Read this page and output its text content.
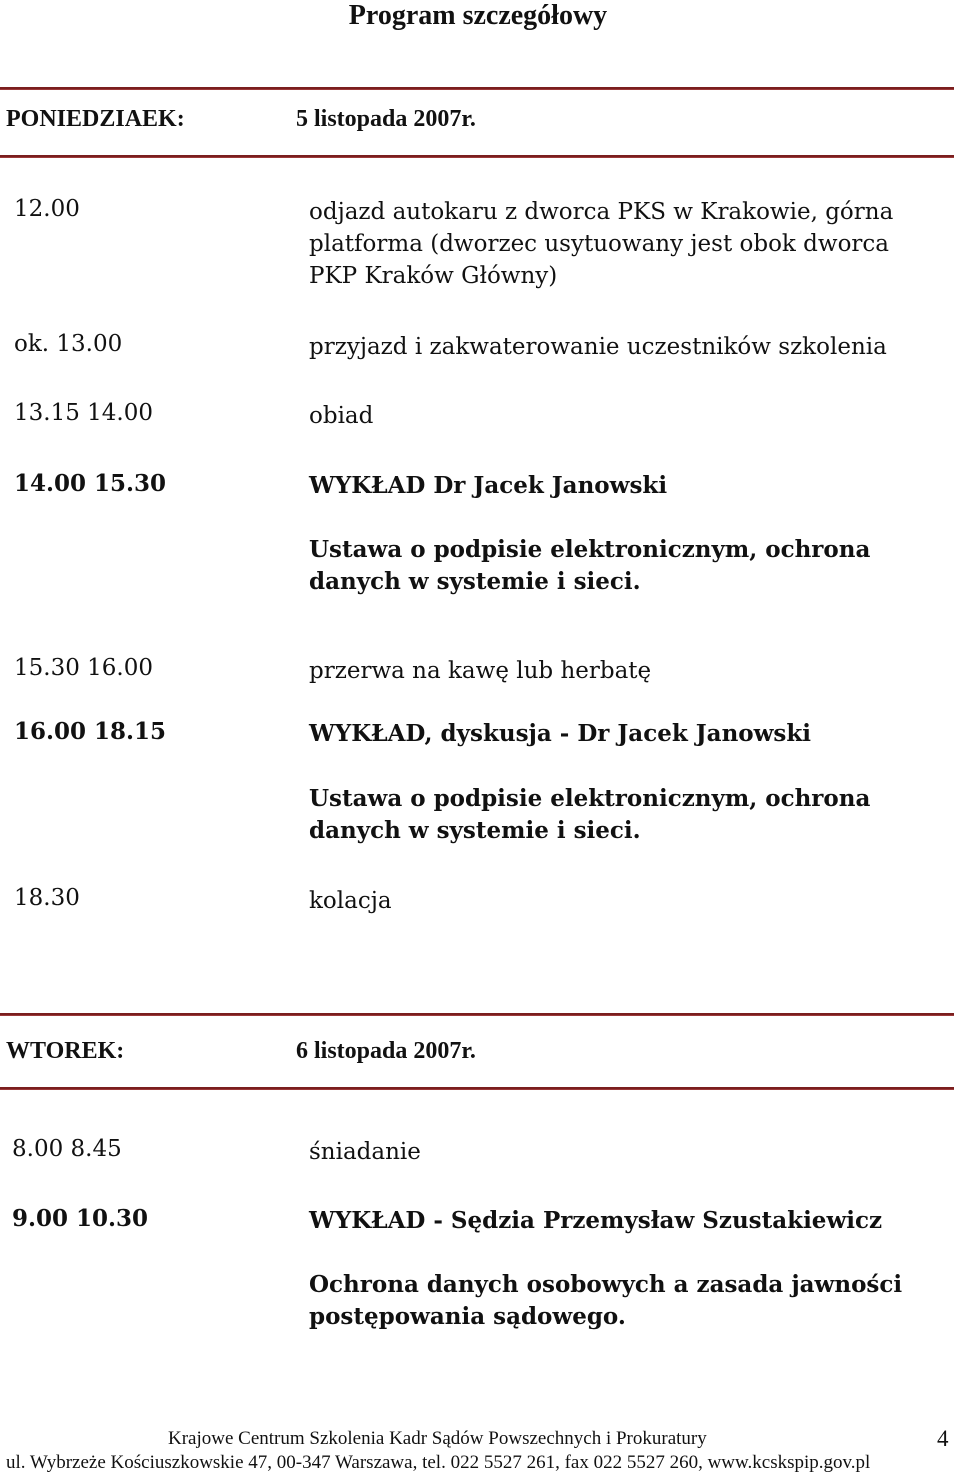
Program szczegółowy
PONIEDZIAEK:	5 listopada 2007r.
12.00	odjazd autokaru z dworca PKS w Krakowie, górna
platforma (dworzec usytuowany jest obok dworca
PKP Kraków Główny)
ok. 13.00	przyjazd i zakwaterowanie uczestników szkolenia
13.15 14.00	obiad
14.00 15.30	WYKŁAD Dr Jacek Janowski
Ustawa o podpisie elektronicznym, ochrona
danych w systemie i sieci.
15.30 16.00	przerwa na kawę lub herbatę
16.00 18.15	WYKŁAD, dyskusja - Dr Jacek Janowski
Ustawa o podpisie elektronicznym, ochrona
danych w systemie i sieci.
18.30	kolacja
WTOREK:	6 listopada 2007r.
8.00 8.45	śniadanie
9.00 10.30	WYKŁAD - Sędzia Przemysław Szustakiewicz
Ochrona danych osobowych a zasada jawności
postępowania sądowego.
Krajowe Centrum Szkolenia Kadr Sądów Powszechnych i Prokuratury	4
ul. Wybrzeże Kościuszkowskie 47, 00-347 Warszawa, tel. 022 5527 261, fax 022 5527 260, www.kcskspip.gov.pl
